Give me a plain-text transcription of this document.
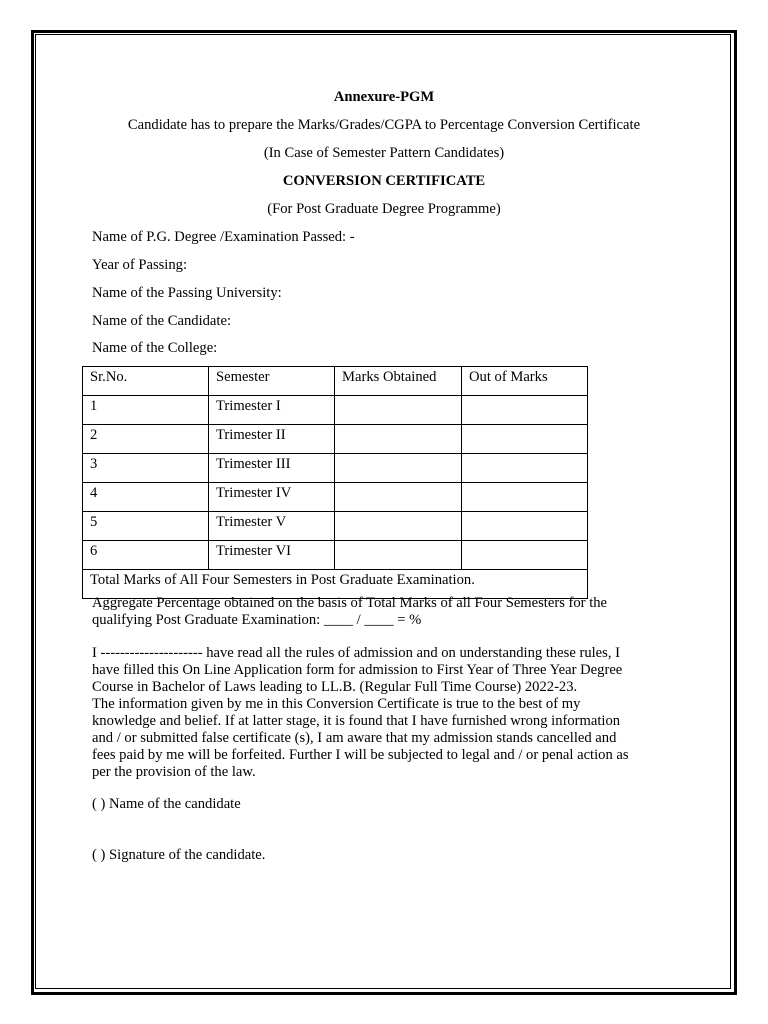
Annexure-PGM
Candidate has to prepare the Marks/Grades/CGPA to Percentage Conversion Certificate
(In Case of Semester Pattern Candidates)
CONVERSION CERTIFICATE
(For Post Graduate Degree Programme)
Name of P.G. Degree /Examination Passed: -
Year of Passing:
Name of the Passing University:
Name of the Candidate:
Name of the College:
Sr.No.	Semester	Marks Obtained	Out of Marks
1	Trimester I		
2	Trimester II		
3	Trimester III		
4	Trimester IV		
5	Trimester V		
6	Trimester VI		
Total Marks of All Four Semesters in Post Graduate Examination.			
Aggregate Percentage obtained on the basis of Total Marks of all Four Semesters for the
qualifying Post Graduate Examination: ____ / ____ = %
I --------------------- have read all the rules of admission and on understanding these rules, I
have filled this On Line Application form for admission to First Year of Three Year Degree
Course in Bachelor of Laws leading to LL.B. (Regular Full Time Course) 2022-23.
The information given by me in this Conversion Certificate is true to the best of my
knowledge and belief. If at latter stage, it is found that I have furnished wrong information
and / or submitted false certificate (s), I am aware that my admission stands cancelled and
fees paid by me will be forfeited. Further I will be subjected to legal and / or penal action as
per the provision of the law.
( ) Name of the candidate
( ) Signature of the candidate.
